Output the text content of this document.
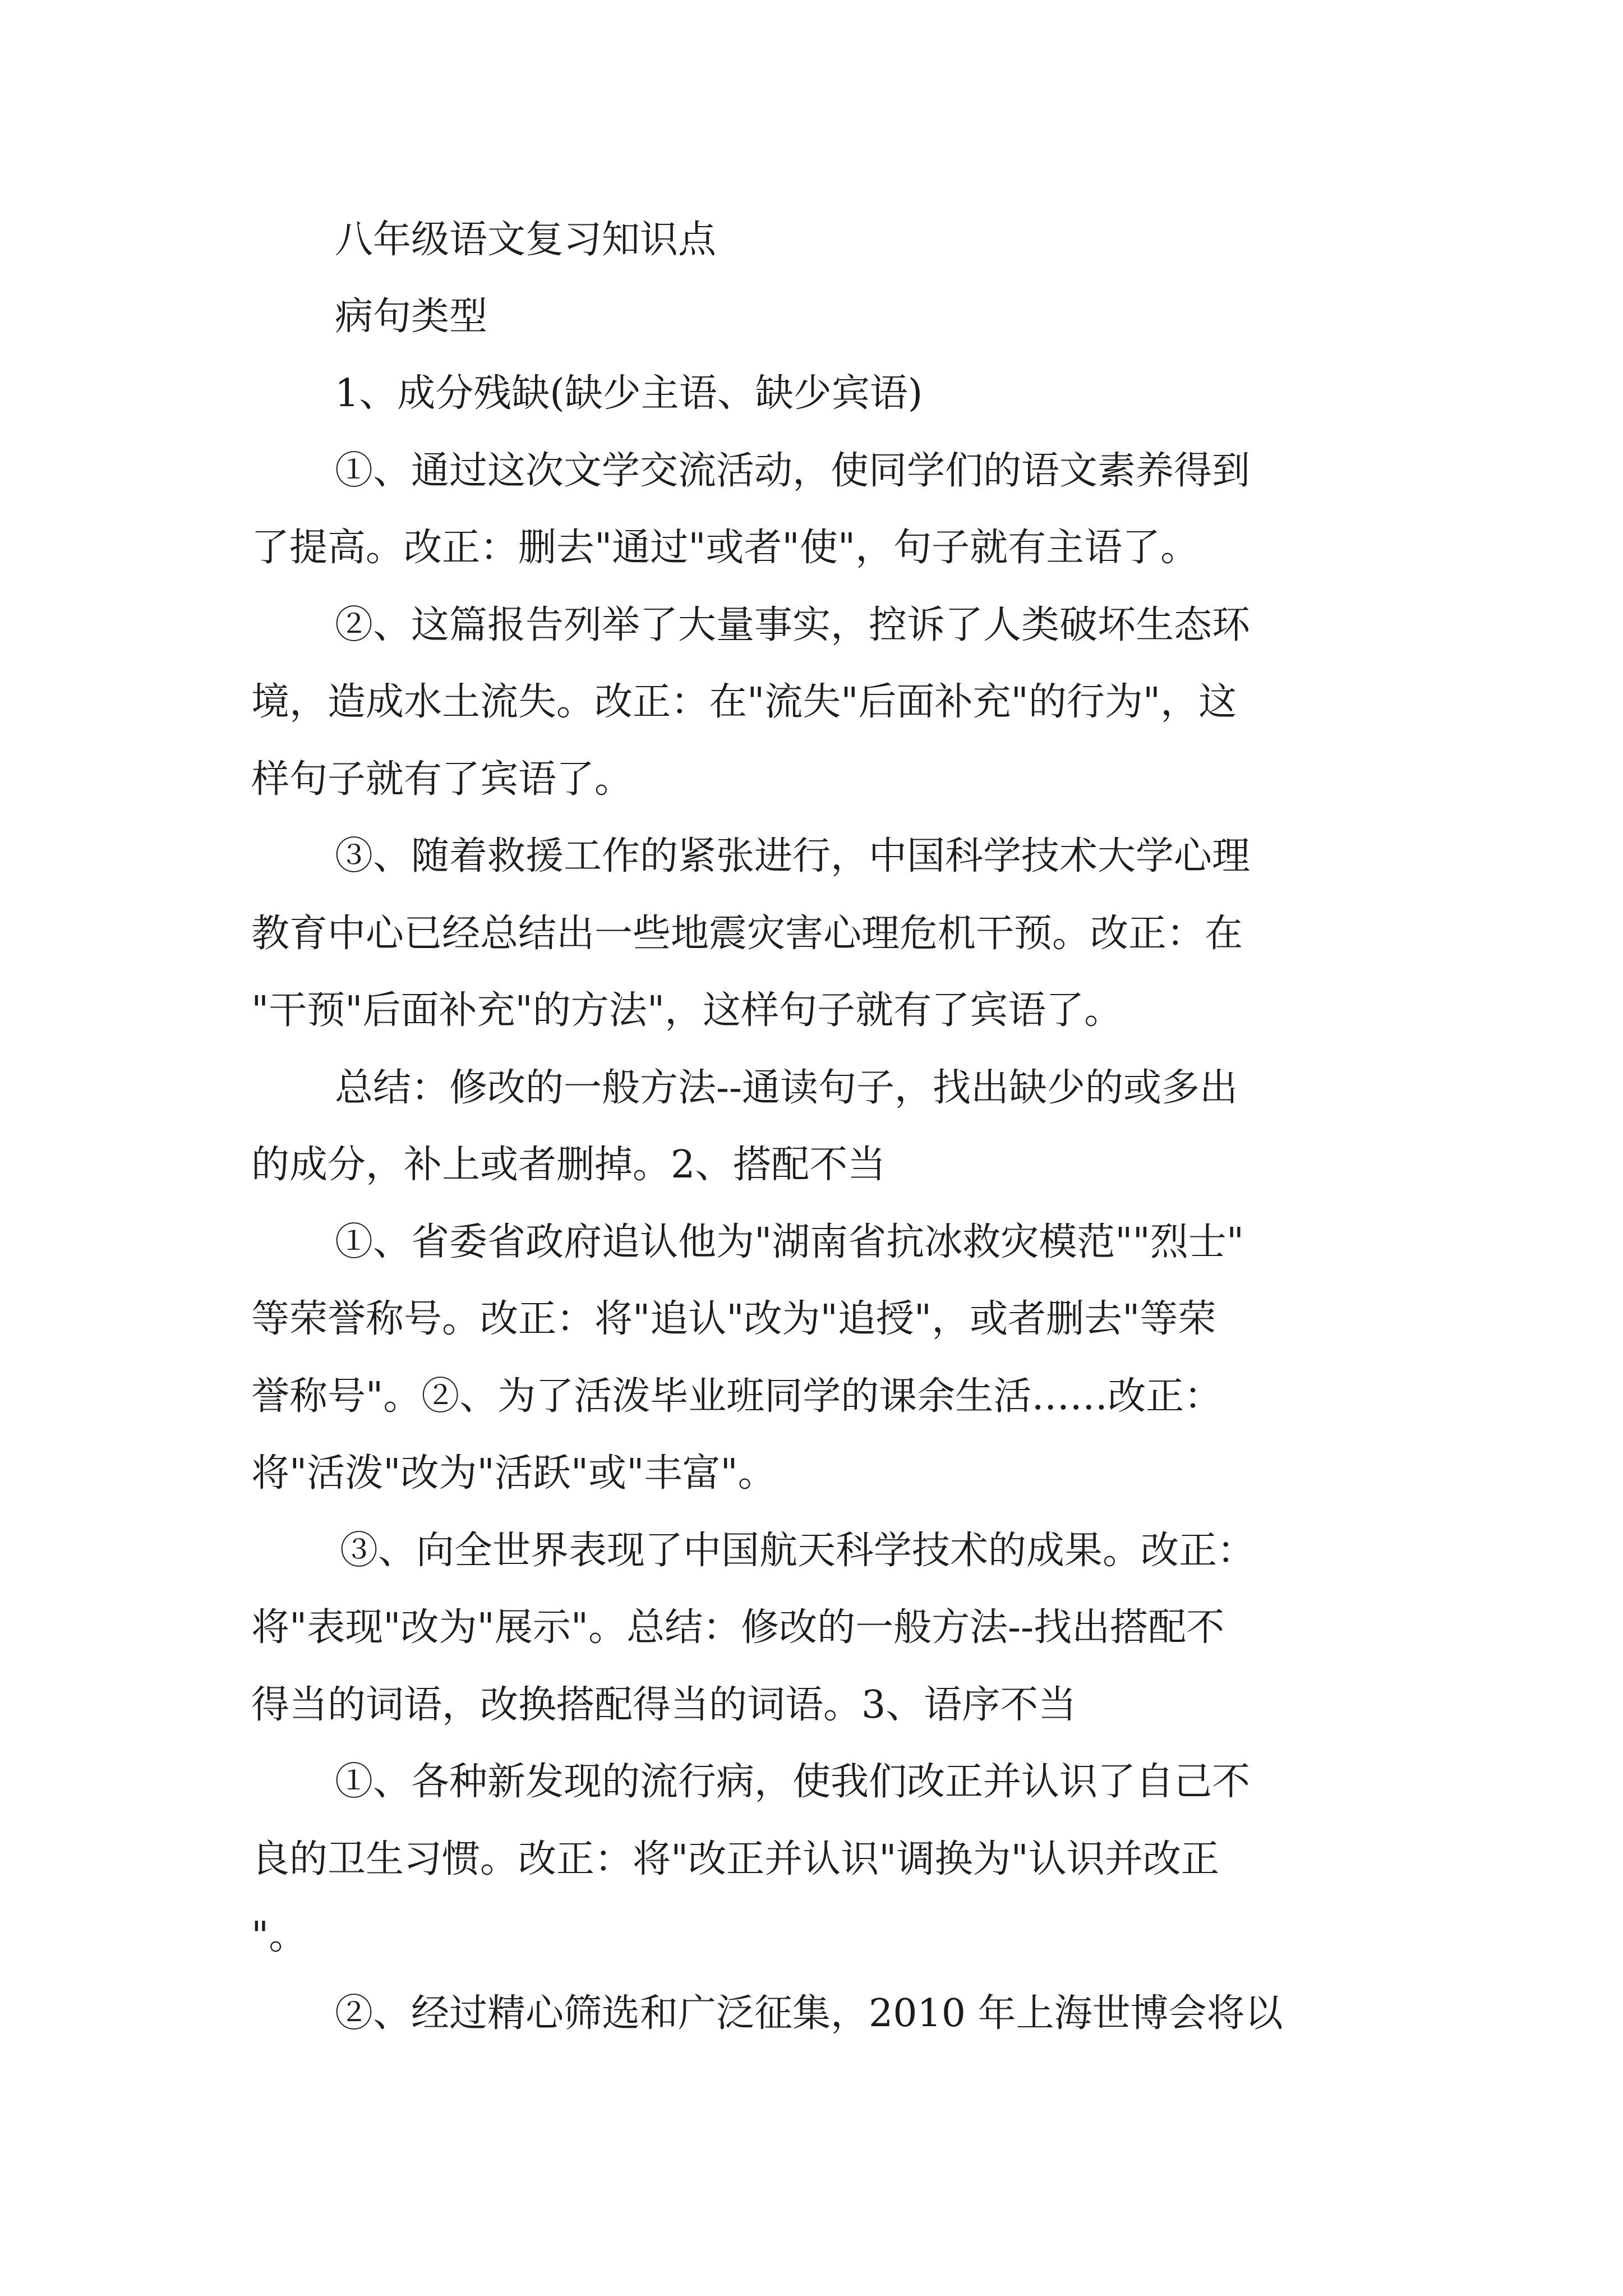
八年级语文复习知识点

病句类型

1、成分残缺(缺少主语、缺少宾语)

①、通过这次文学交流活动，使同学们的语文素养得到

了提高。改正：删去"通过"或者"使"，句子就有主语了。

②、这篇报告列举了大量事实，控诉了人类破坏生态环

境，造成水土流失。改正：在"流失"后面补充"的行为"，这

样句子就有了宾语了。

③、随着救援工作的紧张进行，中国科学技术大学心理

教育中心已经总结出一些地震灾害心理危机干预。改正：在

"干预"后面补充"的方法"，这样句子就有了宾语了。

总结：修改的一般方法--通读句子，找出缺少的或多出

的成分，补上或者删掉。2、搭配不当

①、省委省政府追认他为"湖南省抗冰救灾模范""烈士"

等荣誉称号。改正：将"追认"改为"追授"，或者删去"等荣

誉称号"。②、为了活泼毕业班同学的课余生活……改正：

将"活泼"改为"活跃"或"丰富"。

③、向全世界表现了中国航天科学技术的成果。改正：

将"表现"改为"展示"。总结：修改的一般方法--找出搭配不

得当的词语，改换搭配得当的词语。3、语序不当

①、各种新发现的流行病，使我们改正并认识了自己不

良的卫生习惯。改正：将"改正并认识"调换为"认识并改正

"。

②、经过精心筛选和广泛征集，2010 年上海世博会将以
